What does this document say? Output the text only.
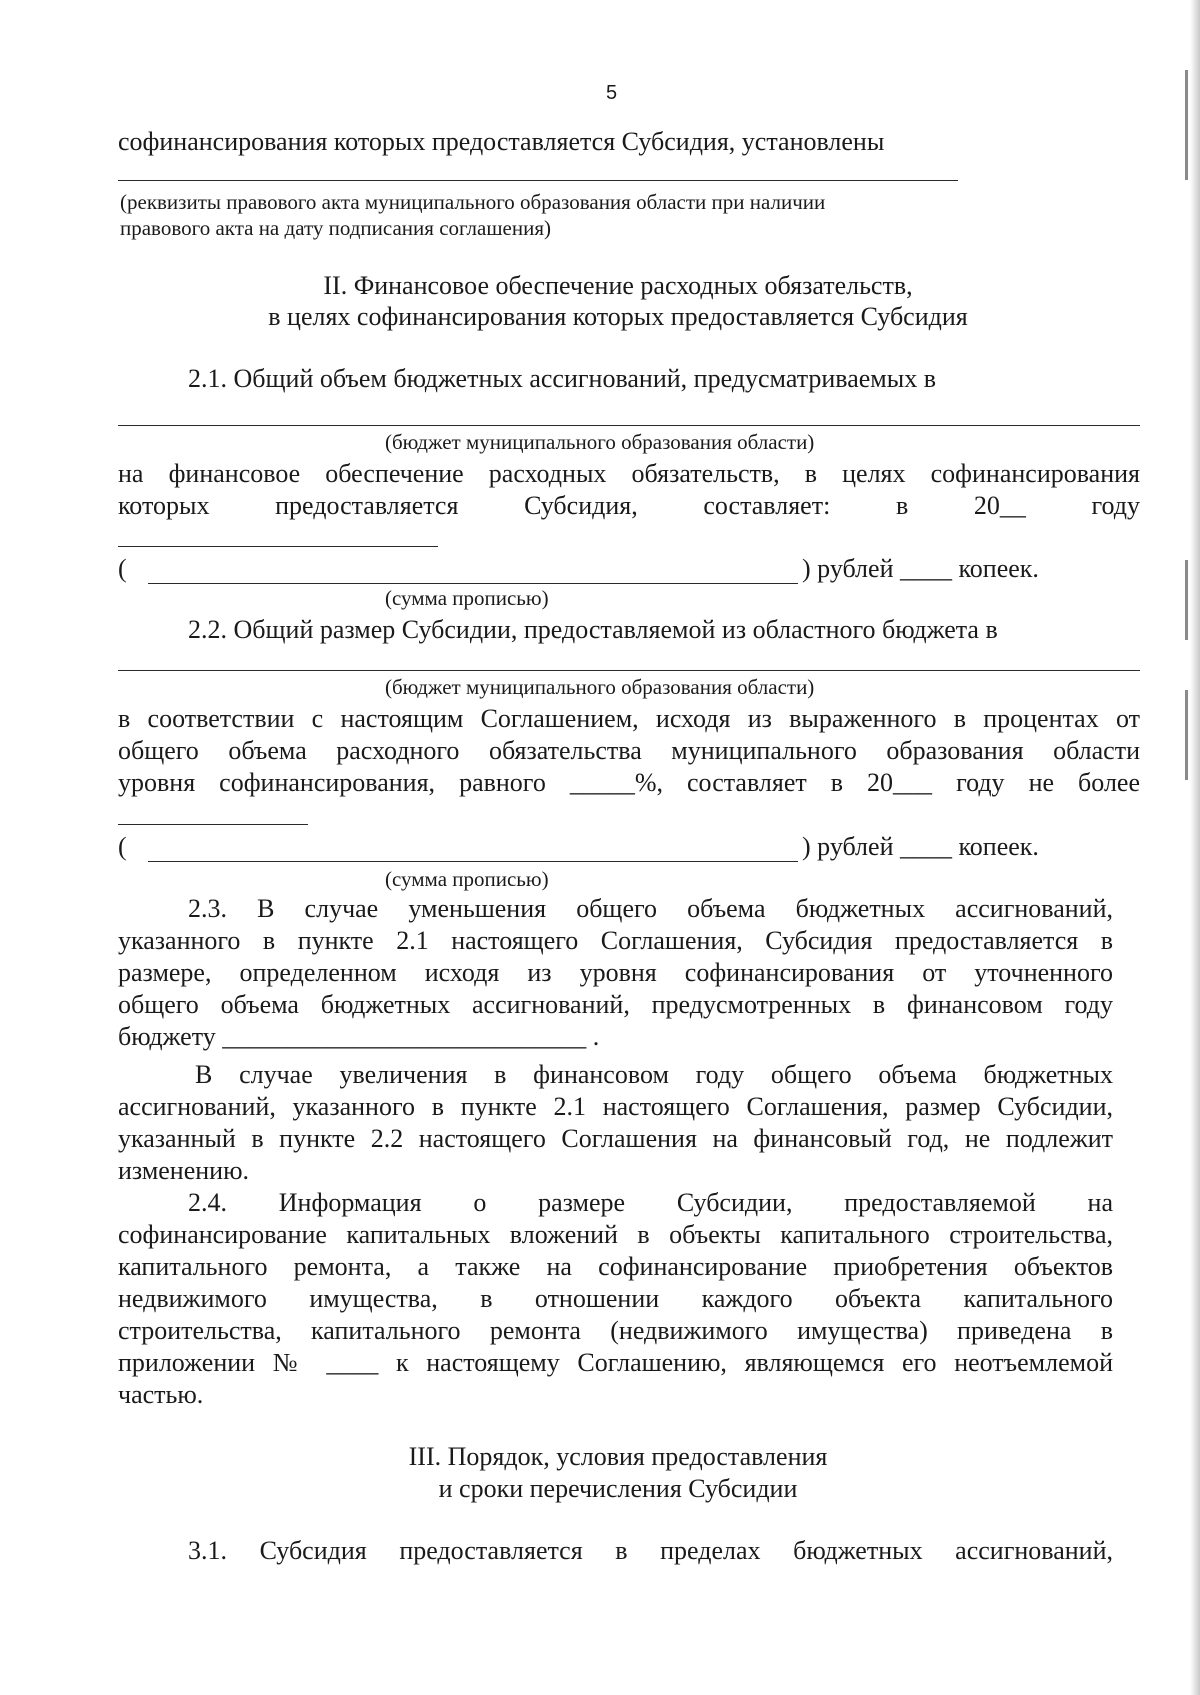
5
софинансирования которых предоставляется Субсидия, установлены
(реквизиты правового акта муниципального образования области при наличии
правового акта на дату подписания соглашения)
II. Финансовое обеспечение расходных обязательств,
в целях софинансирования которых предоставляется Субсидия
2.1. Общий объем бюджетных ассигнований, предусматриваемых в
(бюджет муниципального образования области)
на финансовое обеспечение расходных обязательств, в целях софинансирования
которых предоставляется Субсидия, составляет: в 20__ году
(	) рублей ____ копеек.
(сумма прописью)
2.2. Общий размер Субсидии, предоставляемой из областного бюджета в
(бюджет муниципального образования области)
в соответствии с настоящим Соглашением, исходя из выраженного в процентах от
общего объема расходного обязательства муниципального образования области
уровня софинансирования, равного _____%, составляет в 20___ году не более
(	) рублей ____ копеек.
(сумма прописью)
2.3. В случае уменьшения общего объема бюджетных ассигнований,
указанного в пункте 2.1 настоящего Соглашения, Субсидия предоставляется в
размере, определенном исходя из уровня софинансирования от уточненного
общего объема бюджетных ассигнований, предусмотренных в финансовом году
бюджету ____________________________ .
В случае увеличения в финансовом году общего объема бюджетных
ассигнований, указанного в пункте 2.1 настоящего Соглашения, размер Субсидии,
указанный в пункте 2.2 настоящего Соглашения на финансовый год, не подлежит
изменению.
2.4. Информация о размере Субсидии, предоставляемой на
софинансирование капитальных вложений в объекты капитального строительства,
капитального ремонта, а также на софинансирование приобретения объектов
недвижимого имущества, в отношении каждого объекта капитального
строительства, капитального ремонта (недвижимого имущества) приведена в
приложении № ____ к настоящему Соглашению, являющемся его неотъемлемой
частью.
III. Порядок, условия предоставления
и сроки перечисления Субсидии
3.1. Субсидия предоставляется в пределах бюджетных ассигнований,
